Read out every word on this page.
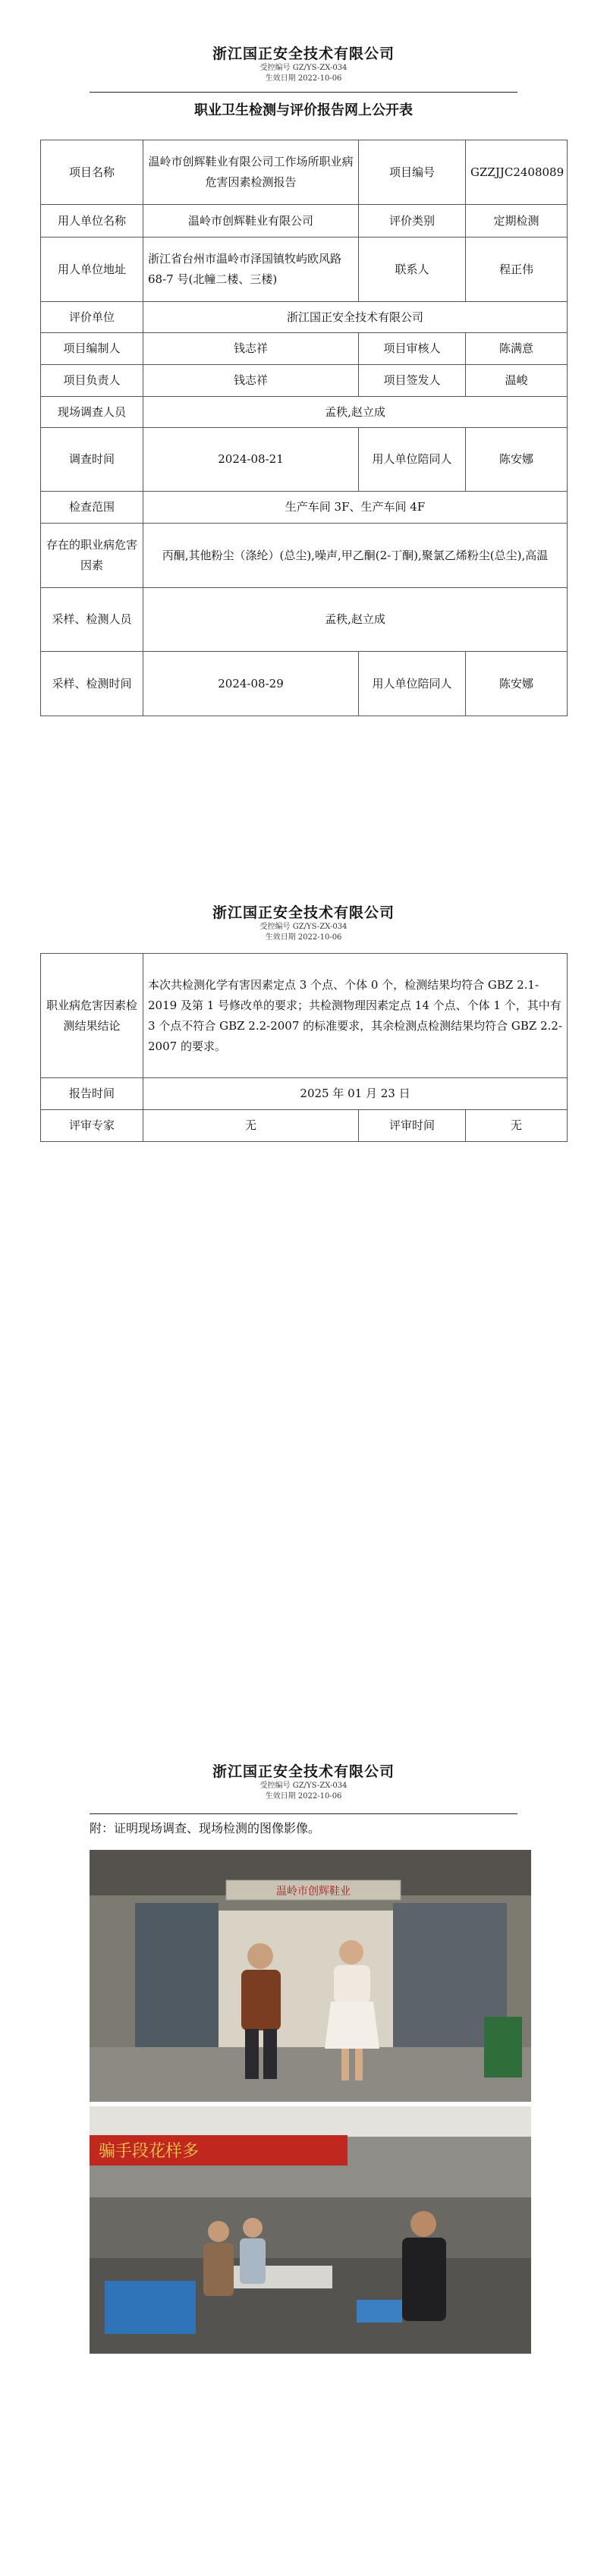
浙江国正安全技术有限公司
受控编号 GZ/YS-ZX-034
生效日期 2022-10-06
职业卫生检测与评价报告网上公开表
项目名称	温岭市创辉鞋业有限公司工作场所职业病危害因素检测报告	项目编号	GZZJJC2408089
用人单位名称	温岭市创辉鞋业有限公司	评价类别	定期检测
用人单位地址	浙江省台州市温岭市泽国镇牧屿欧风路 68-7 号(北幢二楼、三楼)	联系人	程正伟
评价单位	浙江国正安全技术有限公司		
项目编制人	钱志祥	项目审核人	陈满意
项目负责人	钱志祥	项目签发人	温峻
现场调查人员	孟秩,赵立成		
调查时间	2024-08-21	用人单位陪同人	陈安娜
检查范围	生产车间 3F、生产车间 4F		
存在的职业病危害因素	丙酮,其他粉尘（涤纶）(总尘),噪声,甲乙酮(2-丁酮),聚氯乙烯粉尘(总尘),高温		
采样、检测人员	孟秩,赵立成		
采样、检测时间	2024-08-29	用人单位陪同人	陈安娜
浙江国正安全技术有限公司
受控编号 GZ/YS-ZX-034
生效日期 2022-10-06
职业病危害因素检测结果结论	本次共检测化学有害因素定点 3 个点、个体 0 个，检测结果均符合 GBZ 2.1-2019 及第 1 号修改单的要求；共检测物理因素定点 14 个点、个体 1 个，其中有 3 个点不符合 GBZ 2.2-2007 的标准要求，其余检测点检测结果均符合 GBZ 2.2-2007 的要求。		
报告时间	2025 年 01 月 23 日		
评审专家	无	评审时间	无
浙江国正安全技术有限公司
受控编号 GZ/YS-ZX-034
生效日期 2022-10-06
附：证明现场调查、现场检测的图像影像。
温岭市创辉鞋业
骗手段花样多
